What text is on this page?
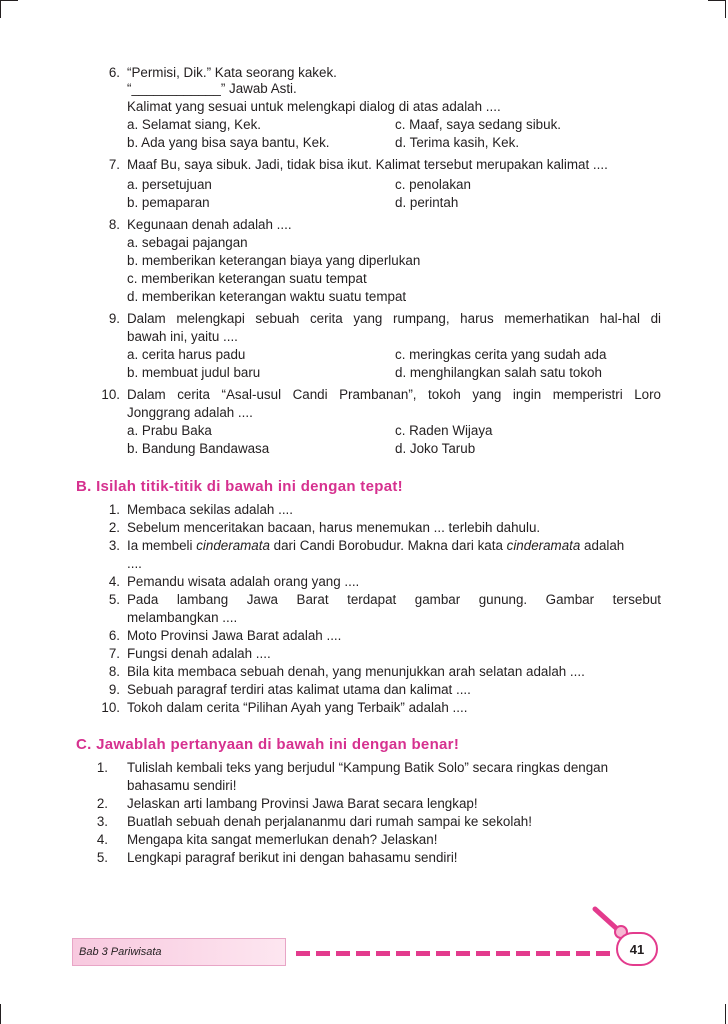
6. “Permisi, Dik.” Kata seorang kakek.
“____________” Jawab Asti.
Kalimat yang sesuai untuk melengkapi dialog di atas adalah ....
a. Selamat siang, Kek.	c. Maaf, saya sedang sibuk.
b. Ada yang bisa saya bantu, Kek.	d. Terima kasih, Kek.
7. Maaf Bu, saya sibuk. Jadi, tidak bisa ikut. Kalimat tersebut merupakan kalimat ....
a. persetujuan	c. penolakan
b. pemaparan	d. perintah
8. Kegunaan denah adalah ....
a. sebagai pajangan
b. memberikan keterangan biaya yang diperlukan
c. memberikan keterangan suatu tempat
d. memberikan keterangan waktu suatu tempat
9. Dalam melengkapi sebuah cerita yang rumpang, harus memerhatikan hal-hal di
bawah ini, yaitu ....
a. cerita harus padu	c. meringkas cerita yang sudah ada
b. membuat judul baru	d. menghilangkan salah satu tokoh
10. Dalam cerita “Asal-usul Candi Prambanan”, tokoh yang ingin memperistri Loro
Jonggrang adalah ....
a. Prabu Baka	c. Raden Wijaya
b. Bandung Bandawasa	d. Joko Tarub
B. Isilah titik-titik di bawah ini dengan tepat!
1. Membaca sekilas adalah ....
2. Sebelum menceritakan bacaan, harus menemukan ... terlebih dahulu.
3. Ia membeli cinderamata dari Candi Borobudur. Makna dari kata cinderamata adalah
....
4. Pemandu wisata adalah orang yang ....
5. Pada lambang Jawa Barat terdapat gambar gunung. Gambar tersebut
melambangkan ....
6. Moto Provinsi Jawa Barat adalah ....
7. Fungsi denah adalah ....
8. Bila kita membaca sebuah denah, yang menunjukkan arah selatan adalah ....
9. Sebuah paragraf terdiri atas kalimat utama dan kalimat ....
10. Tokoh dalam cerita “Pilihan Ayah yang Terbaik” adalah ....
C. Jawablah pertanyaan di bawah ini dengan benar!
1. Tulislah kembali teks yang berjudul “Kampung Batik Solo” secara ringkas dengan
bahasamu sendiri!
2. Jelaskan arti lambang Provinsi Jawa Barat secara lengkap!
3. Buatlah sebuah denah perjalananmu dari rumah sampai ke sekolah!
4. Mengapa kita sangat memerlukan denah? Jelaskan!
5. Lengkapi paragraf berikut ini dengan bahasamu sendiri!
Bab 3 Pariwisata	41
